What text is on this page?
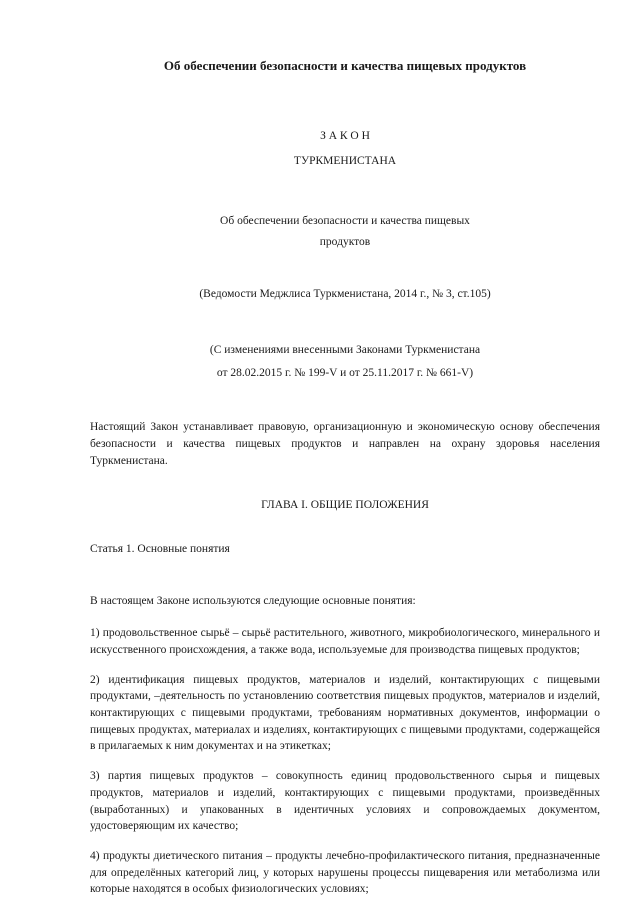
Об обеспечении безопасности и качества пищевых продуктов

З А К О Н

ТУРКМЕНИСТАНА

Об обеспечении безопасности и качества пищевых
продуктов

(Ведомости Меджлиса Туркменистана, 2014 г., № 3, ст.105)

(С изменениями внесенными Законами Туркменистана
от 28.02.2015 г. № 199-V и от 25.11.2017 г. № 661-V)

Настоящий Закон устанавливает правовую, организационную и экономическую основу обеспечения безопасности и качества пищевых продуктов и направлен на охрану здоровья населения Туркменистана.

ГЛАВА I. ОБЩИЕ ПОЛОЖЕНИЯ

Статья 1. Основные понятия

В настоящем Законе используются следующие основные понятия:

1) продовольственное сырьё – сырьё растительного, животного, микробиологического, минерального и искусственного происхождения, а также вода, используемые для производства пищевых продуктов;

2) идентификация пищевых продуктов, материалов и изделий, контактирующих с пищевыми продуктами, –деятельность по установлению соответствия пищевых продуктов, материалов и изделий, контактирующих с пищевыми продуктами, требованиям нормативных документов, информации о пищевых продуктах, материалах и изделиях, контактирующих с пищевыми продуктами, содержащейся в прилагаемых к ним документах и на этикетках;

3) партия пищевых продуктов – совокупность единиц продовольственного сырья и пищевых продуктов, материалов и изделий, контактирующих с пищевыми продуктами, произведённых (выработанных) и упакованных в идентичных условиях и сопровождаемых документом, удостоверяющим их качество;

4) продукты диетического питания – продукты лечебно-профилактического питания, предназначенные для определённых категорий лиц, у которых нарушены процессы пищеварения или метаболизма или которые находятся в особых физиологических условиях;
